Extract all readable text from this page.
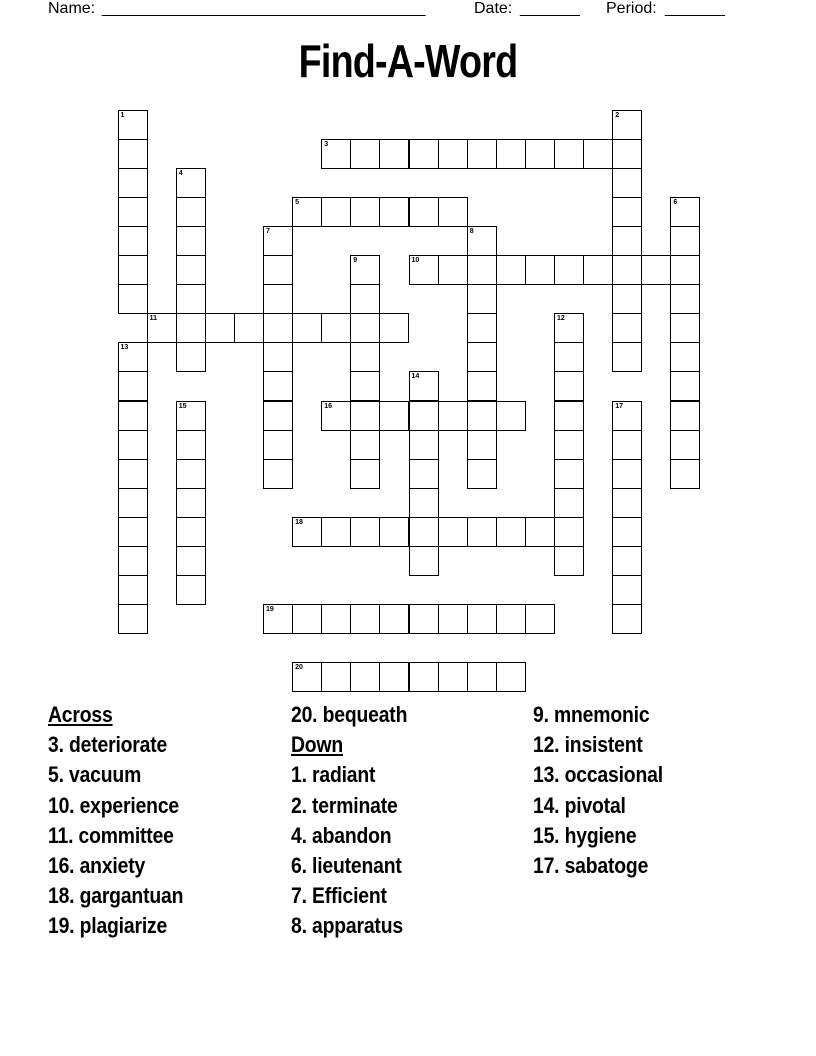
Name: ______________________________________	Date: _______ Period: _______
Find-A-Word
1	2
3
4
5	6
7	8
9	10
11	12
13
14
15	16	17
18
19
20
Across
3. deteriorate
5. vacuum
10. experience
11. committee
16. anxiety
18. gargantuan
19. plagiarize
20. bequeath
Down
1. radiant
2. terminate
4. abandon
6. lieutenant
7. Efficient
8. apparatus
9. mnemonic
12. insistent
13. occasional
14. pivotal
15. hygiene
17. sabatoge
